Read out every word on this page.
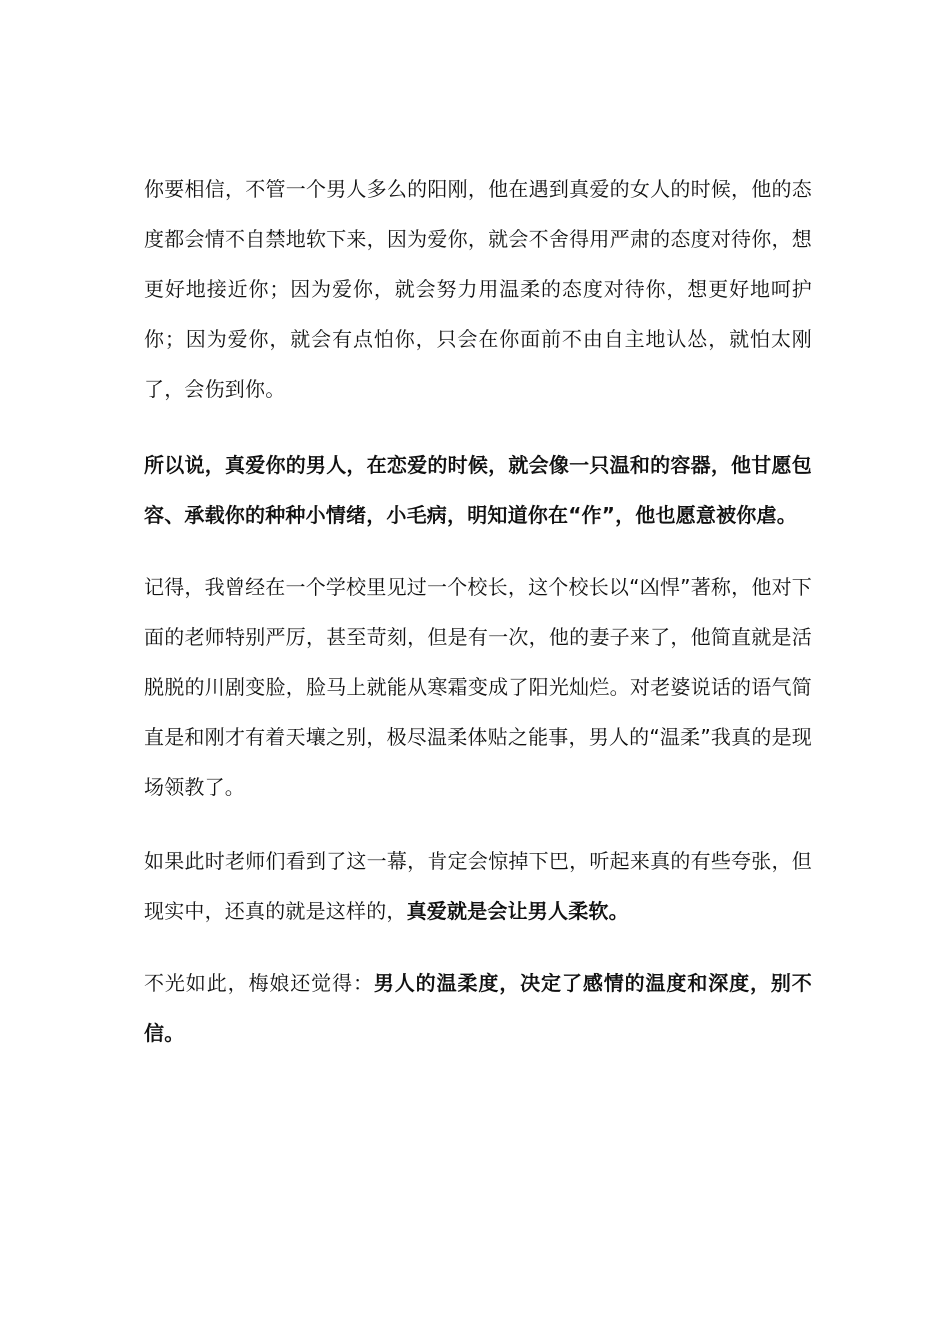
你要相信，不管一个男人多么的阳刚，他在遇到真爱的女人的时候，他的态度都会情不自禁地软下来，因为爱你，就会不舍得用严肃的态度对待你，想更好地接近你；因为爱你，就会努力用温柔的态度对待你，想更好地呵护你；因为爱你，就会有点怕你，只会在你面前不由自主地认怂，就怕太刚了，会伤到你。

所以说，真爱你的男人，在恋爱的时候，就会像一只温和的容器，他甘愿包容、承载你的种种小情绪，小毛病，明知道你在“作”，他也愿意被你虐。

记得，我曾经在一个学校里见过一个校长，这个校长以“凶悍”著称，他对下面的老师特别严厉，甚至苛刻，但是有一次，他的妻子来了，他简直就是活脱脱的川剧变脸，脸马上就能从寒霜变成了阳光灿烂。对老婆说话的语气简直是和刚才有着天壤之别，极尽温柔体贴之能事，男人的“温柔”我真的是现场领教了。

如果此时老师们看到了这一幕，肯定会惊掉下巴，听起来真的有些夸张，但现实中，还真的就是这样的，真爱就是会让男人柔软。

不光如此，梅娘还觉得：男人的温柔度，决定了感情的温度和深度，别不信。
